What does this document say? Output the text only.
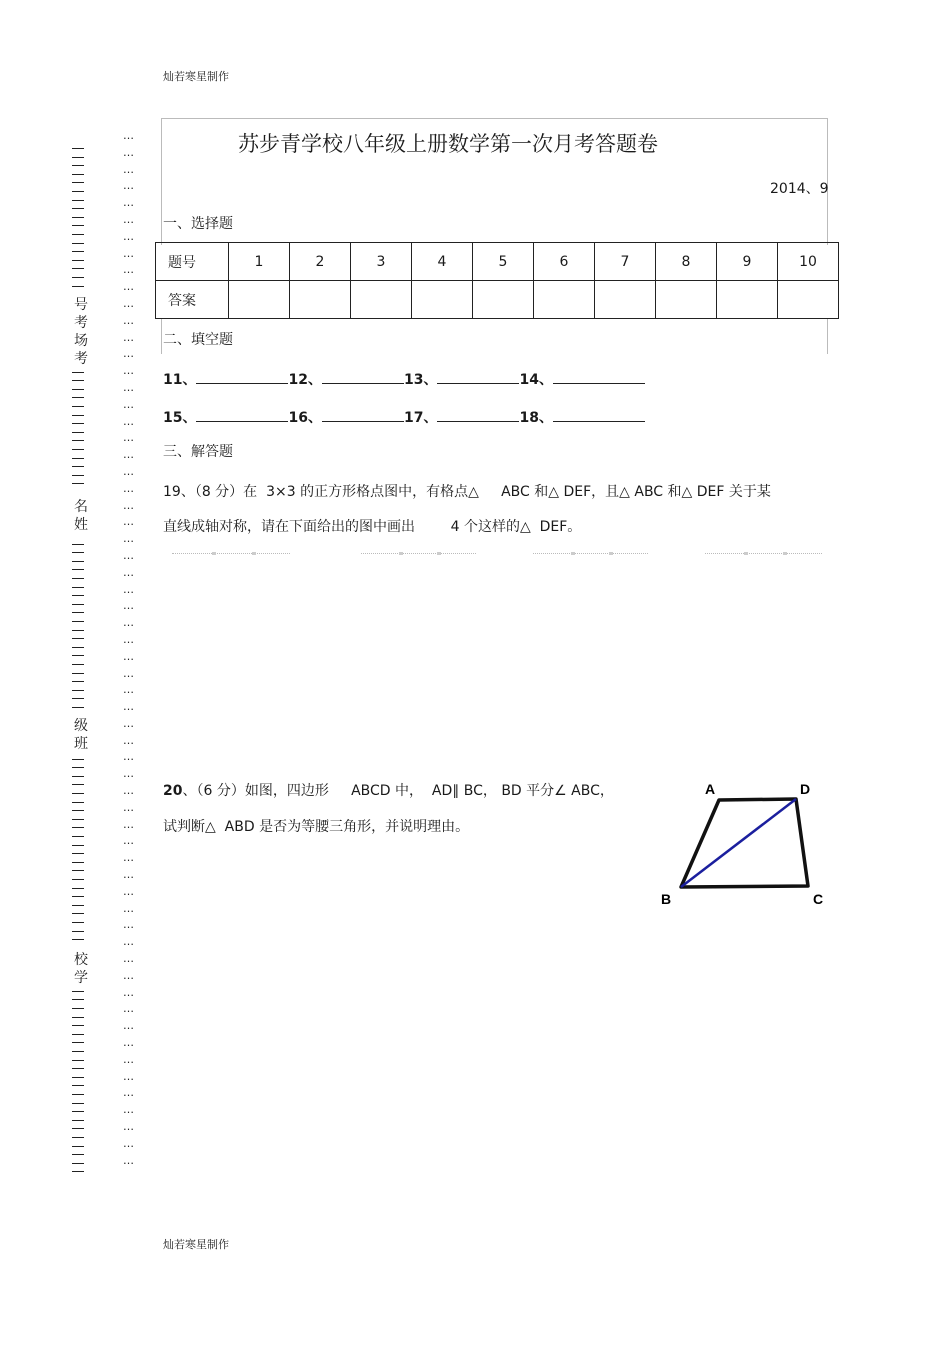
灿若寒星制作
灿若寒星制作
号
考
场
考
名
姓
级
班
校
学
…
…
…
…
…
…
…
…
…
…
…
…
…
…
…
…
…
…
…
…
…
…
…
…
…
…
…
…
…
…
…
…
…
…
…
…
…
…
…
…
…
…
…
…
…
…
…
…
…
…
…
…
…
…
…
…
…
…
…
…
…
…
苏步青学校八年级上册数学第一次月考答题卷
2014、9
一、选择题
题号	1	2	3	4	5	6	7	8	9	10
答案										
二、填空题
11、	12、	13、	14、
15、	16、	17、	18、
三、解答题
19、（8 分）在  3×3 的正方形格点图中，有格点△     ABC 和△ DEF，且△ ABC 和△ DEF 关于某
直线成轴对称，请在下面给出的图中画出        4 个这样的△  DEF。
20、（6 分）如图，四边形     ABCD 中，  AD∥ BC， BD 平分∠ ABC，
试判断△  ABD 是否为等腰三角形，并说明理由。
A	D
B	C
